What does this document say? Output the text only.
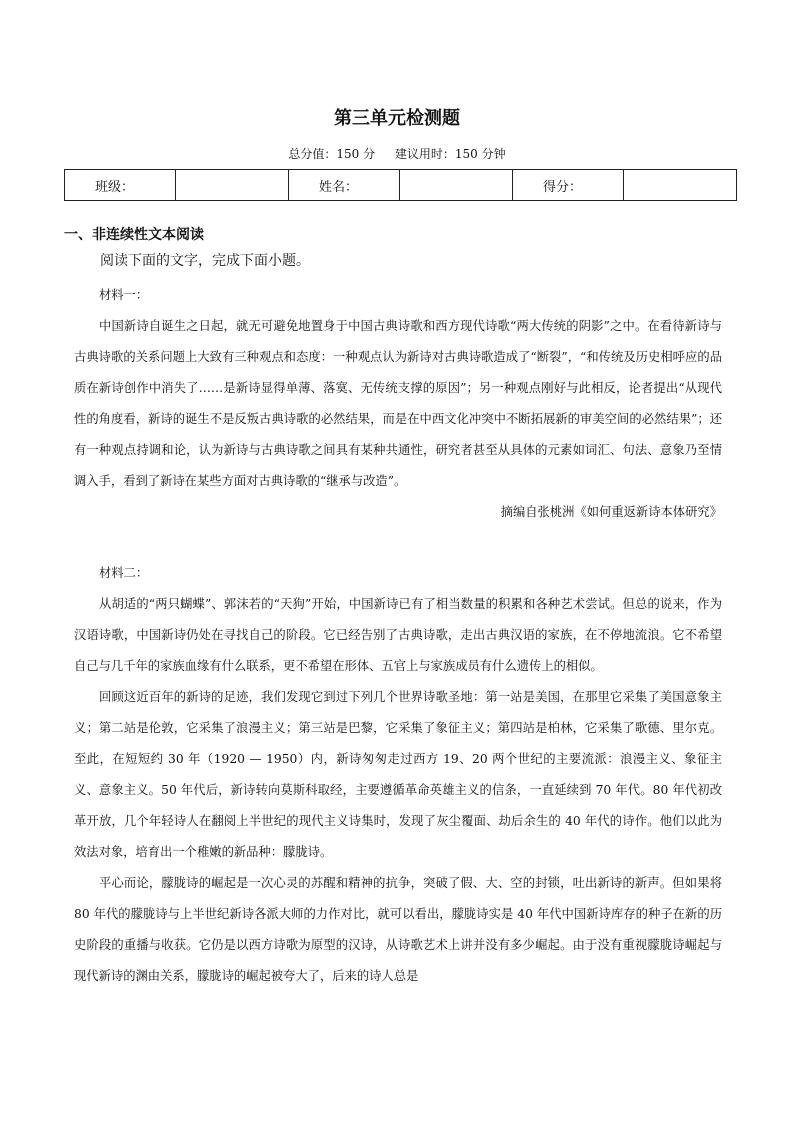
第三单元检测题
总分值：150 分 建议用时：150 分钟
班级：		姓名：		得分：	
一、非连续性文本阅读
阅读下面的文字，完成下面小题。

材料一：

中国新诗自诞生之日起，就无可避免地置身于中国古典诗歌和西方现代诗歌“两大传统的阴影”之中。在看待新诗与古典诗歌的关系问题上大致有三种观点和态度：一种观点认为新诗对古典诗歌造成了“断裂”，“和传统及历史相呼应的品质在新诗创作中消失了……是新诗显得单薄、落寞、无传统支撑的原因”；另一种观点刚好与此相反，论者提出“从现代性的角度看，新诗的诞生不是反叛古典诗歌的必然结果，而是在中西文化冲突中不断拓展新的审美空间的必然结果”；还有一种观点持调和论，认为新诗与古典诗歌之间具有某种共通性，研究者甚至从具体的元素如词汇、句法、意象乃至情调入手，看到了新诗在某些方面对古典诗歌的“继承与改造”。

摘编自张桃洲《如何重返新诗本体研究》

材料二：

从胡适的“两只蝴蝶”、郭沫若的“天狗”开始，中国新诗已有了相当数量的积累和各种艺术尝试。但总的说来，作为汉语诗歌，中国新诗仍处在寻找自己的阶段。它已经告别了古典诗歌，走出古典汉语的家族，在不停地流浪。它不希望自己与几千年的家族血缘有什么联系，更不希望在形体、五官上与家族成员有什么遗传上的相似。

回顾这近百年的新诗的足迹，我们发现它到过下列几个世界诗歌圣地：第一站是美国，在那里它采集了美国意象主义；第二站是伦敦，它采集了浪漫主义；第三站是巴黎，它采集了象征主义；第四站是柏林，它采集了歌德、里尔克。至此，在短短约 30 年（1920 — 1950）内，新诗匆匆走过西方 19、20 两个世纪的主要流派：浪漫主义、象征主义、意象主义。50 年代后，新诗转向莫斯科取经，主要遵循革命英雄主义的信条，一直延续到 70 年代。80 年代初改革开放，几个年轻诗人在翻阅上半世纪的现代主义诗集时，发现了灰尘覆面、劫后余生的 40 年代的诗作。他们以此为效法对象，培育出一个稚嫩的新品种：朦胧诗。

平心而论，朦胧诗的崛起是一次心灵的苏醒和精神的抗争，突破了假、大、空的封锁，吐出新诗的新声。但如果将 80 年代的朦胧诗与上半世纪新诗各派大师的力作对比，就可以看出，朦胧诗实是 40 年代中国新诗库存的种子在新的历史阶段的重播与收获。它仍是以西方诗歌为原型的汉诗，从诗歌艺术上讲并没有多少崛起。由于没有重视朦胧诗崛起与现代新诗的渊由关系，朦胧诗的崛起被夸大了，后来的诗人总是
